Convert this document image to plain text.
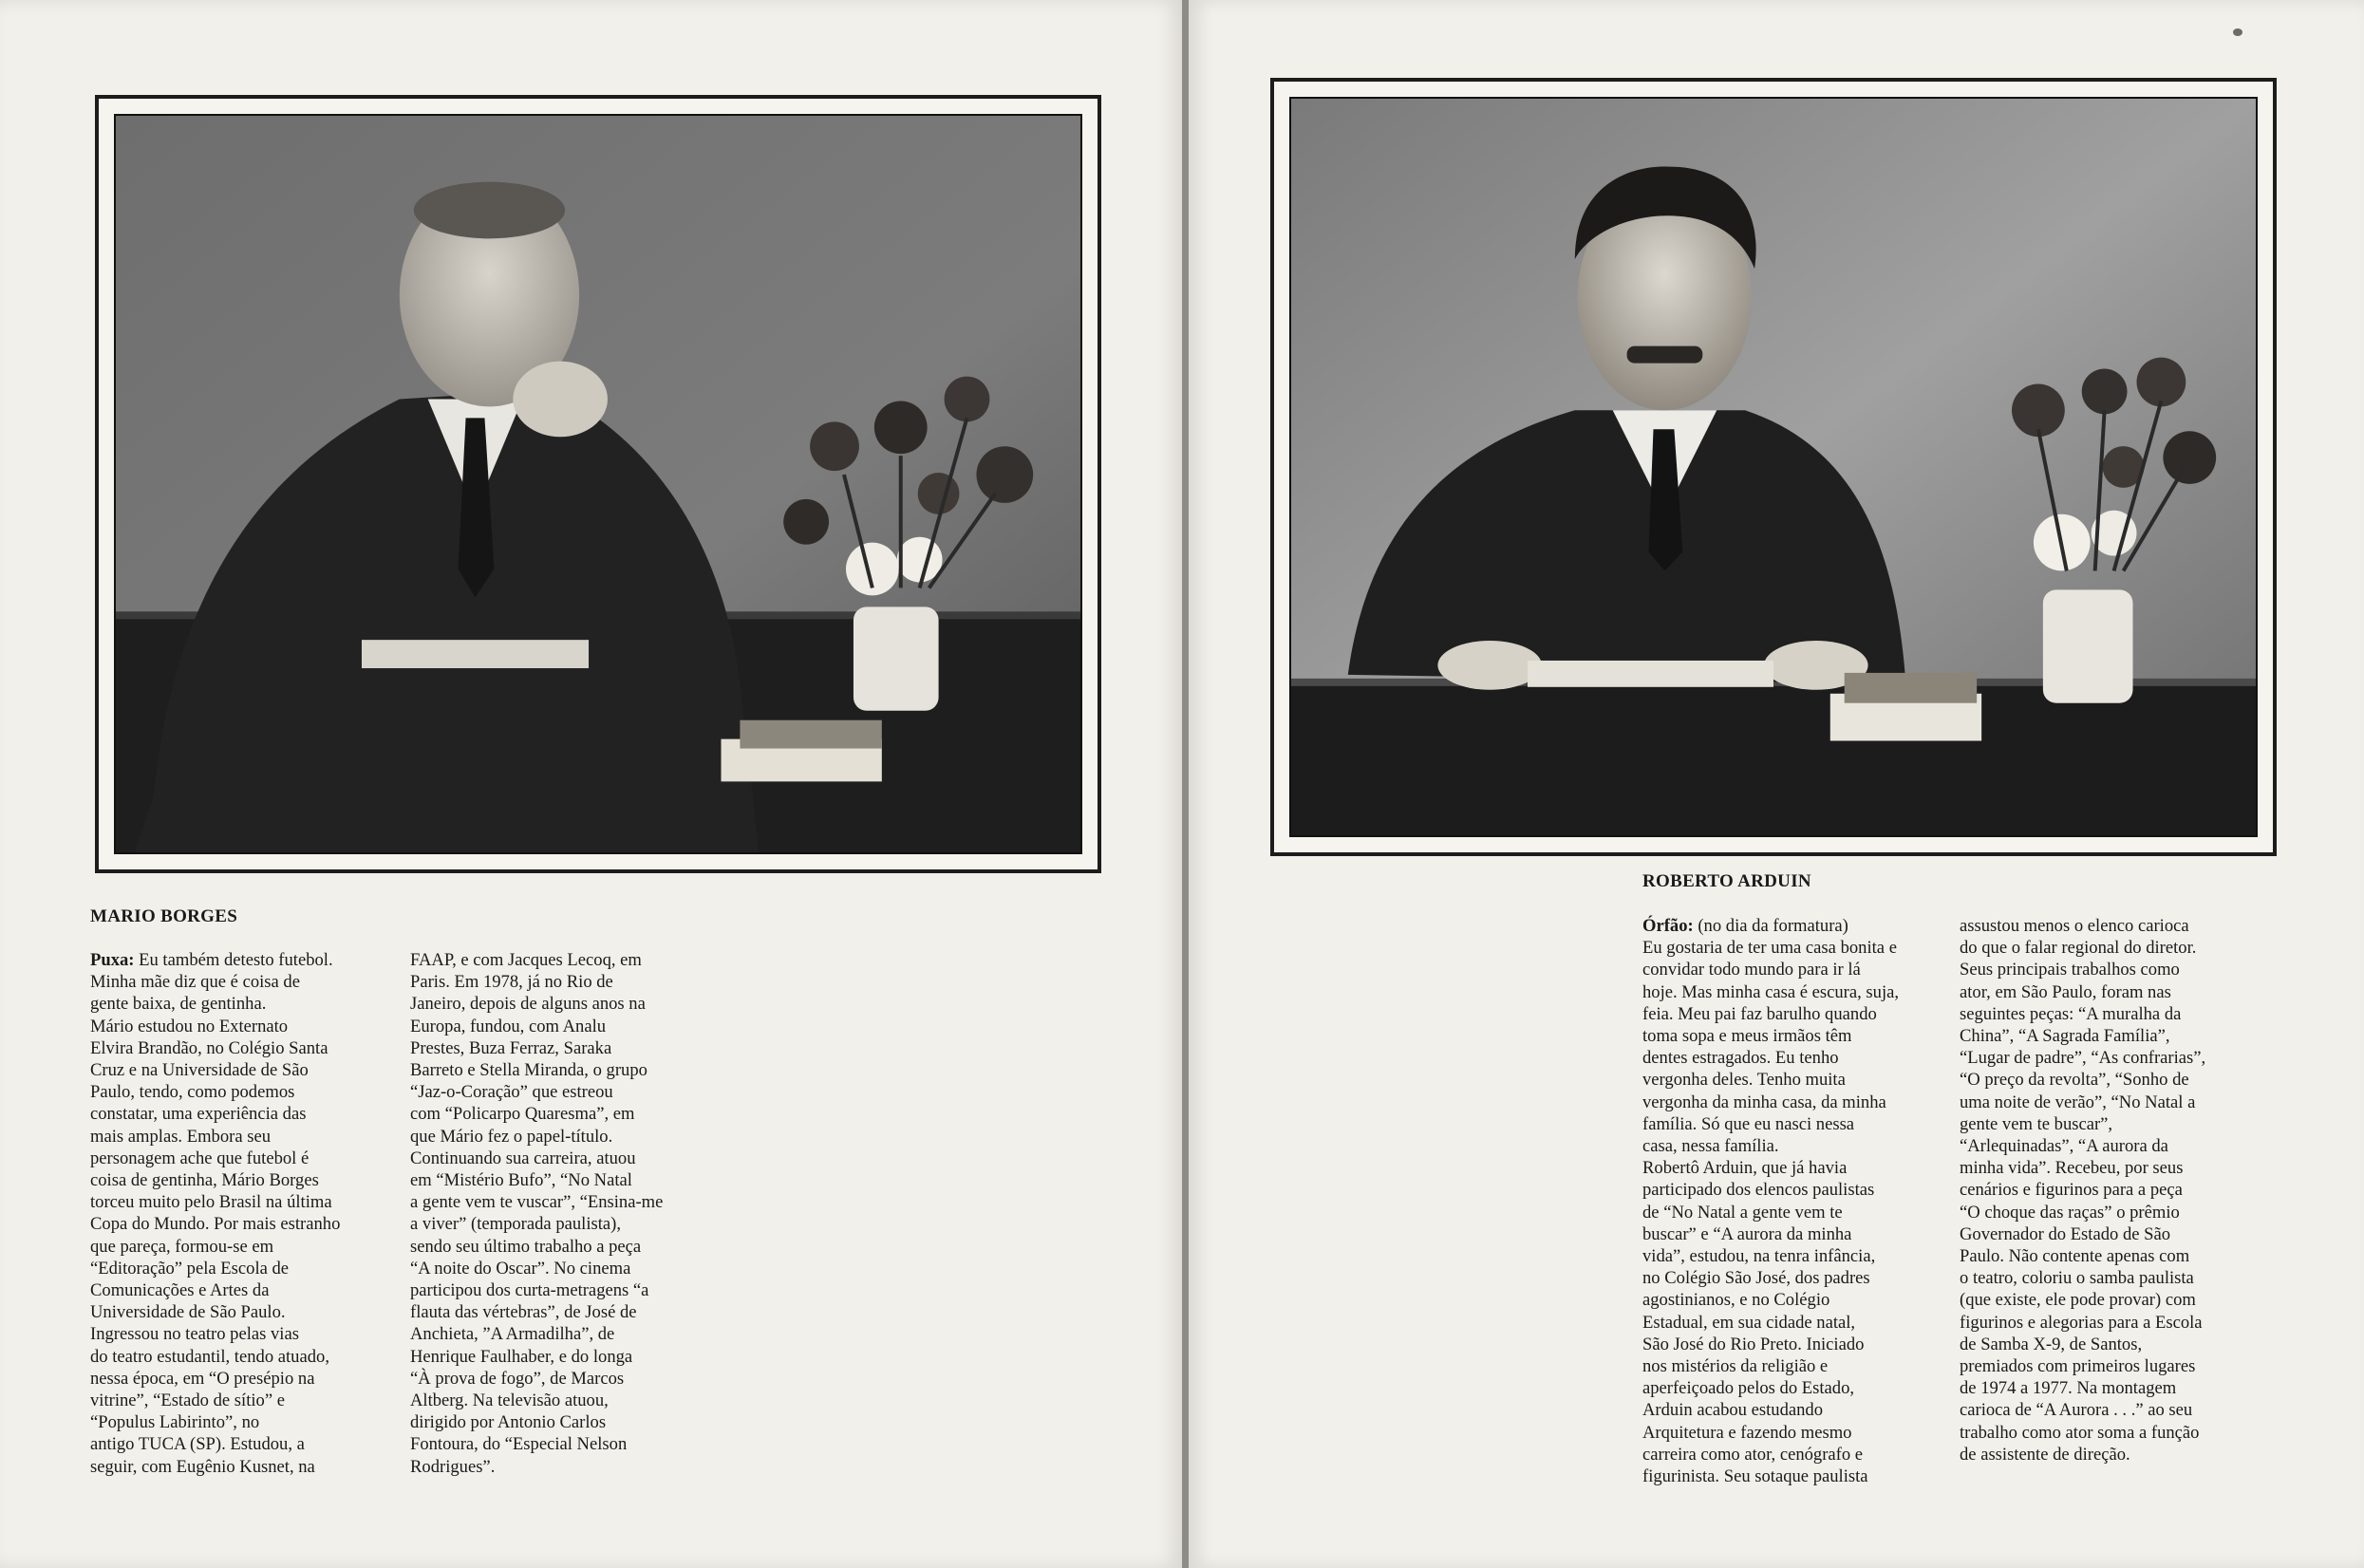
MARIO BORGES

Puxa: Eu também detesto futebol.
Minha mãe diz que é coisa de
gente baixa, de gentinha.

Mário estudou no Externato
Elvira Brandão, no Colégio Santa
Cruz e na Universidade de São
Paulo, tendo, como podemos
constatar, uma experiência das
mais amplas. Embora seu
personagem ache que futebol é
coisa de gentinha, Mário Borges
torceu muito pelo Brasil na última
Copa do Mundo. Por mais estranho
que pareça, formou-se em
“Editoração” pela Escola de
Comunicações e Artes da
Universidade de São Paulo.
Ingressou no teatro pelas vias
do teatro estudantil, tendo atuado,
nessa época, em “O presépio na
vitrine”, “Estado de sítio” e
“Populus Labirinto”, no
antigo TUCA (SP). Estudou, a
seguir, com Eugênio Kusnet, na

FAAP, e com Jacques Lecoq, em
Paris. Em 1978, já no Rio de
Janeiro, depois de alguns anos na
Europa, fundou, com Analu
Prestes, Buza Ferraz, Saraka
Barreto e Stella Miranda, o grupo
“Jaz-o-Coração” que estreou
com “Policarpo Quaresma”, em
que Mário fez o papel-título.
Continuando sua carreira, atuou
em “Mistério Bufo”, “No Natal
a gente vem te vuscar”, “Ensina-me
a viver” (temporada paulista),
sendo seu último trabalho a peça
“A noite do Oscar”. No cinema
participou dos curta-metragens “a
flauta das vértebras”, de José de
Anchieta, ”A Armadilha”, de
Henrique Faulhaber, e do longa
“À prova de fogo”, de Marcos
Altberg. Na televisão atuou,
dirigido por Antonio Carlos
Fontoura, do “Especial Nelson
Rodrigues”.

ROBERTO ARDUIN

Órfão: (no dia da formatura)
Eu gostaria de ter uma casa bonita e
convidar todo mundo para ir lá
hoje. Mas minha casa é escura, suja,
feia. Meu pai faz barulho quando
toma sopa e meus irmãos têm
dentes estragados. Eu tenho
vergonha deles. Tenho muita
vergonha da minha casa, da minha
família. Só que eu nasci nessa
casa, nessa família.

Robertô Arduin, que já havia
participado dos elencos paulistas
de “No Natal a gente vem te
buscar” e “A aurora da minha
vida”, estudou, na tenra infância,
no Colégio São José, dos padres
agostinianos, e no Colégio
Estadual, em sua cidade natal,
São José do Rio Preto. Iniciado
nos mistérios da religião e
aperfeiçoado pelos do Estado,
Arduin acabou estudando
Arquitetura e fazendo mesmo
carreira como ator, cenógrafo e
figurinista. Seu sotaque paulista

assustou menos o elenco carioca
do que o falar regional do diretor.
Seus principais trabalhos como
ator, em São Paulo, foram nas
seguintes peças: “A muralha da
China”, “A Sagrada Família”,
“Lugar de padre”, “As confrarias”,
“O preço da revolta”, “Sonho de
uma noite de verão”, “No Natal a
gente vem te buscar”,
“Arlequinadas”, “A aurora da
minha vida”. Recebeu, por seus
cenários e figurinos para a peça
“O choque das raças” o prêmio
Governador do Estado de São
Paulo. Não contente apenas com
o teatro, coloriu o samba paulista
(que existe, ele pode provar) com
figurinos e alegorias para a Escola
de Samba X-9, de Santos,
premiados com primeiros lugares
de 1974 a 1977. Na montagem
carioca de “A Aurora . . .” ao seu
trabalho como ator soma a função
de assistente de direção.
